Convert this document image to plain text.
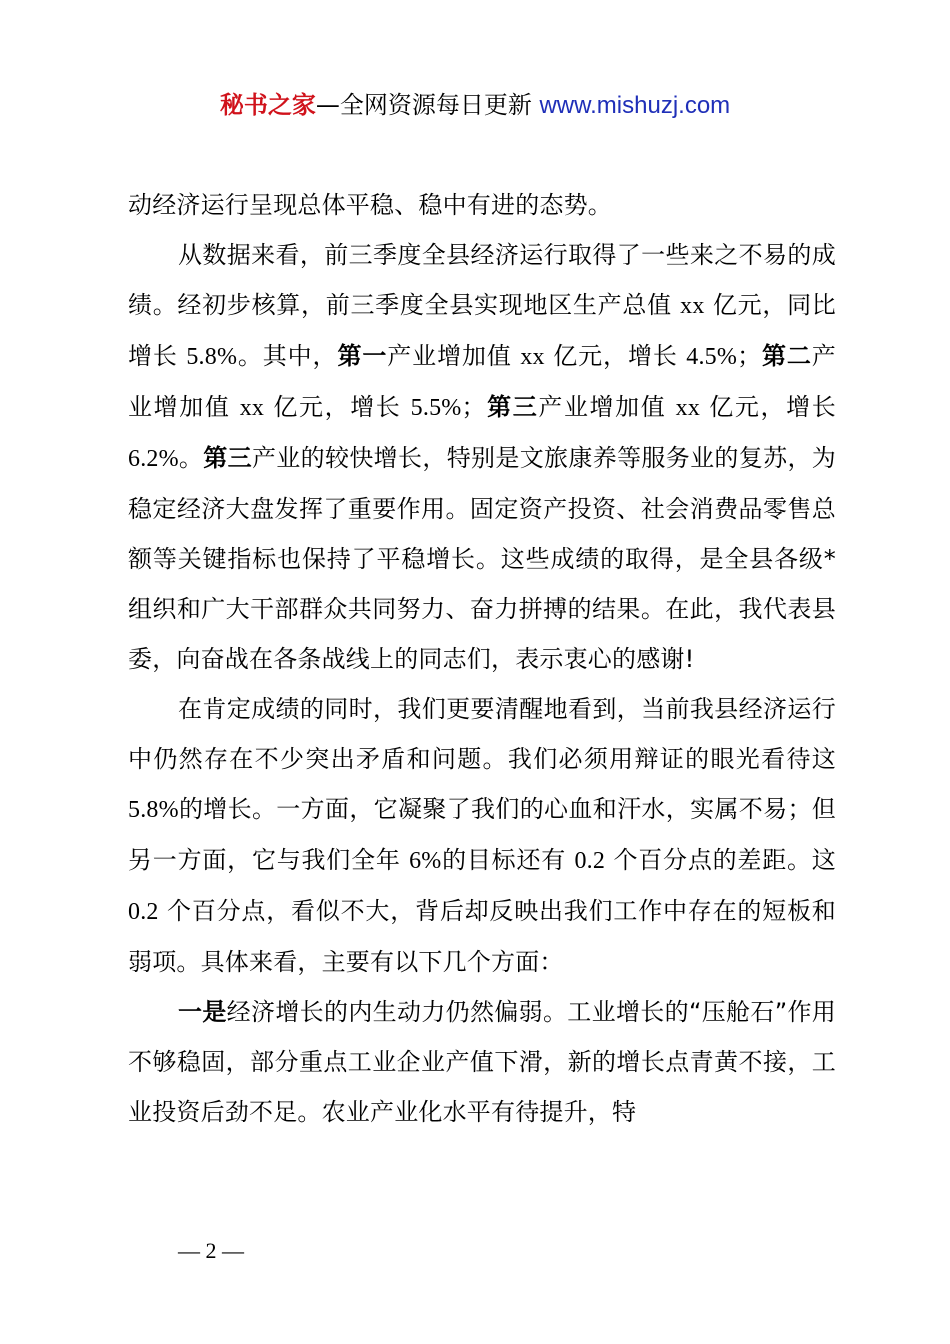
秘书之家—全网资源每日更新 www.mishuzj.com

动经济运行呈现总体平稳、稳中有进的态势。

从数据来看，前三季度全县经济运行取得了一些来之不易的成绩。经初步核算，前三季度全县实现地区生产总值 xx 亿元，同比增长 5.8%。其中，第一产业增加值 xx 亿元，增长 4.5%；第二产业增加值 xx 亿元，增长 5.5%；第三产业增加值 xx 亿元，增长 6.2%。第三产业的较快增长，特别是文旅康养等服务业的复苏，为稳定经济大盘发挥了重要作用。固定资产投资、社会消费品零售总额等关键指标也保持了平稳增长。这些成绩的取得，是全县各级*组织和广大干部群众共同努力、奋力拼搏的结果。在此，我代表县委，向奋战在各条战线上的同志们，表示衷心的感谢!

在肯定成绩的同时，我们更要清醒地看到，当前我县经济运行中仍然存在不少突出矛盾和问题。我们必须用辩证的眼光看待这 5.8%的增长。一方面，它凝聚了我们的心血和汗水，实属不易；但另一方面，它与我们全年 6%的目标还有 0.2 个百分点的差距。这 0.2 个百分点，看似不大，背后却反映出我们工作中存在的短板和弱项。具体来看，主要有以下几个方面：

一是经济增长的内生动力仍然偏弱。工业增长的“压舱石”作用不够稳固，部分重点工业企业产值下滑，新的增长点青黄不接，工业投资后劲不足。农业产业化水平有待提升，特

— 2 —
